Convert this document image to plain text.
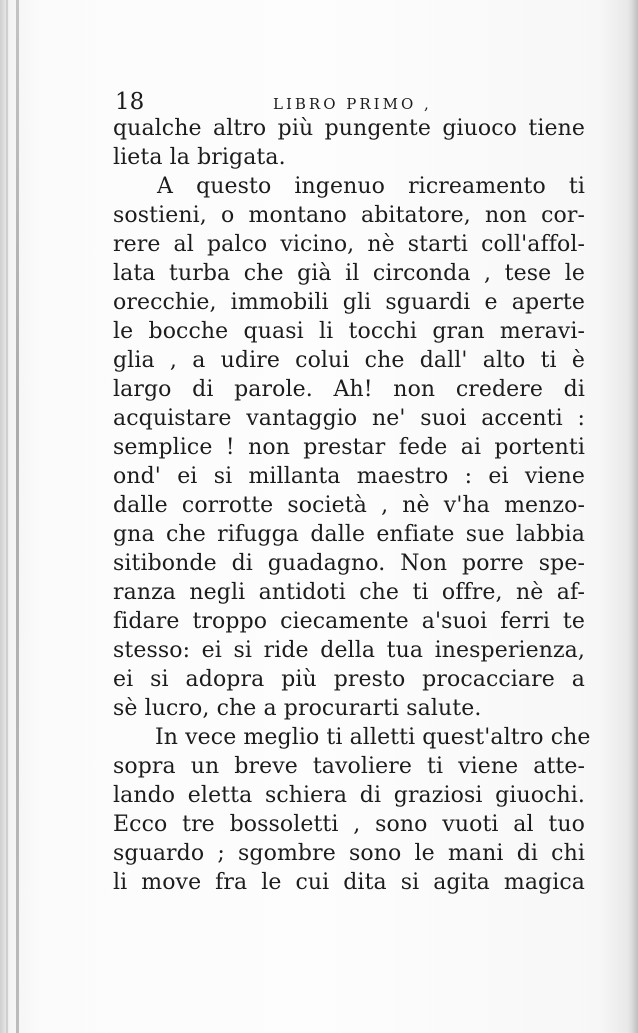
18	LIBRO PRIMO ,
qualche altro più pungente giuoco tiene
lieta la brigata.
A questo ingenuo ricreamento ti
sostieni, o montano abitatore, non cor-
rere al palco vicino, nè starti coll'affol-
lata turba che già il circonda , tese le
orecchie, immobili gli sguardi e aperte
le bocche quasi li tocchi gran meravi-
glia , a udire colui che dall' alto ti è
largo di parole. Ah! non credere di
acquistare vantaggio ne' suoi accenti :
semplice ! non prestar fede ai portenti
ond' ei si millanta maestro : ei viene
dalle corrotte società , nè v'ha menzo-
gna che rifugga dalle enfiate sue labbia
sitibonde di guadagno. Non porre spe-
ranza negli antidoti che ti offre, nè af-
fidare troppo ciecamente a'suoi ferri te
stesso: ei si ride della tua inesperienza,
ei si adopra più presto procacciare a
sè lucro, che a procurarti salute.
In vece meglio ti alletti quest'altro che
sopra un breve tavoliere ti viene atte-
lando eletta schiera di graziosi giuochi.
Ecco tre bossoletti , sono vuoti al tuo
sguardo ; sgombre sono le mani di chi
li move fra le cui dita si agita magica
